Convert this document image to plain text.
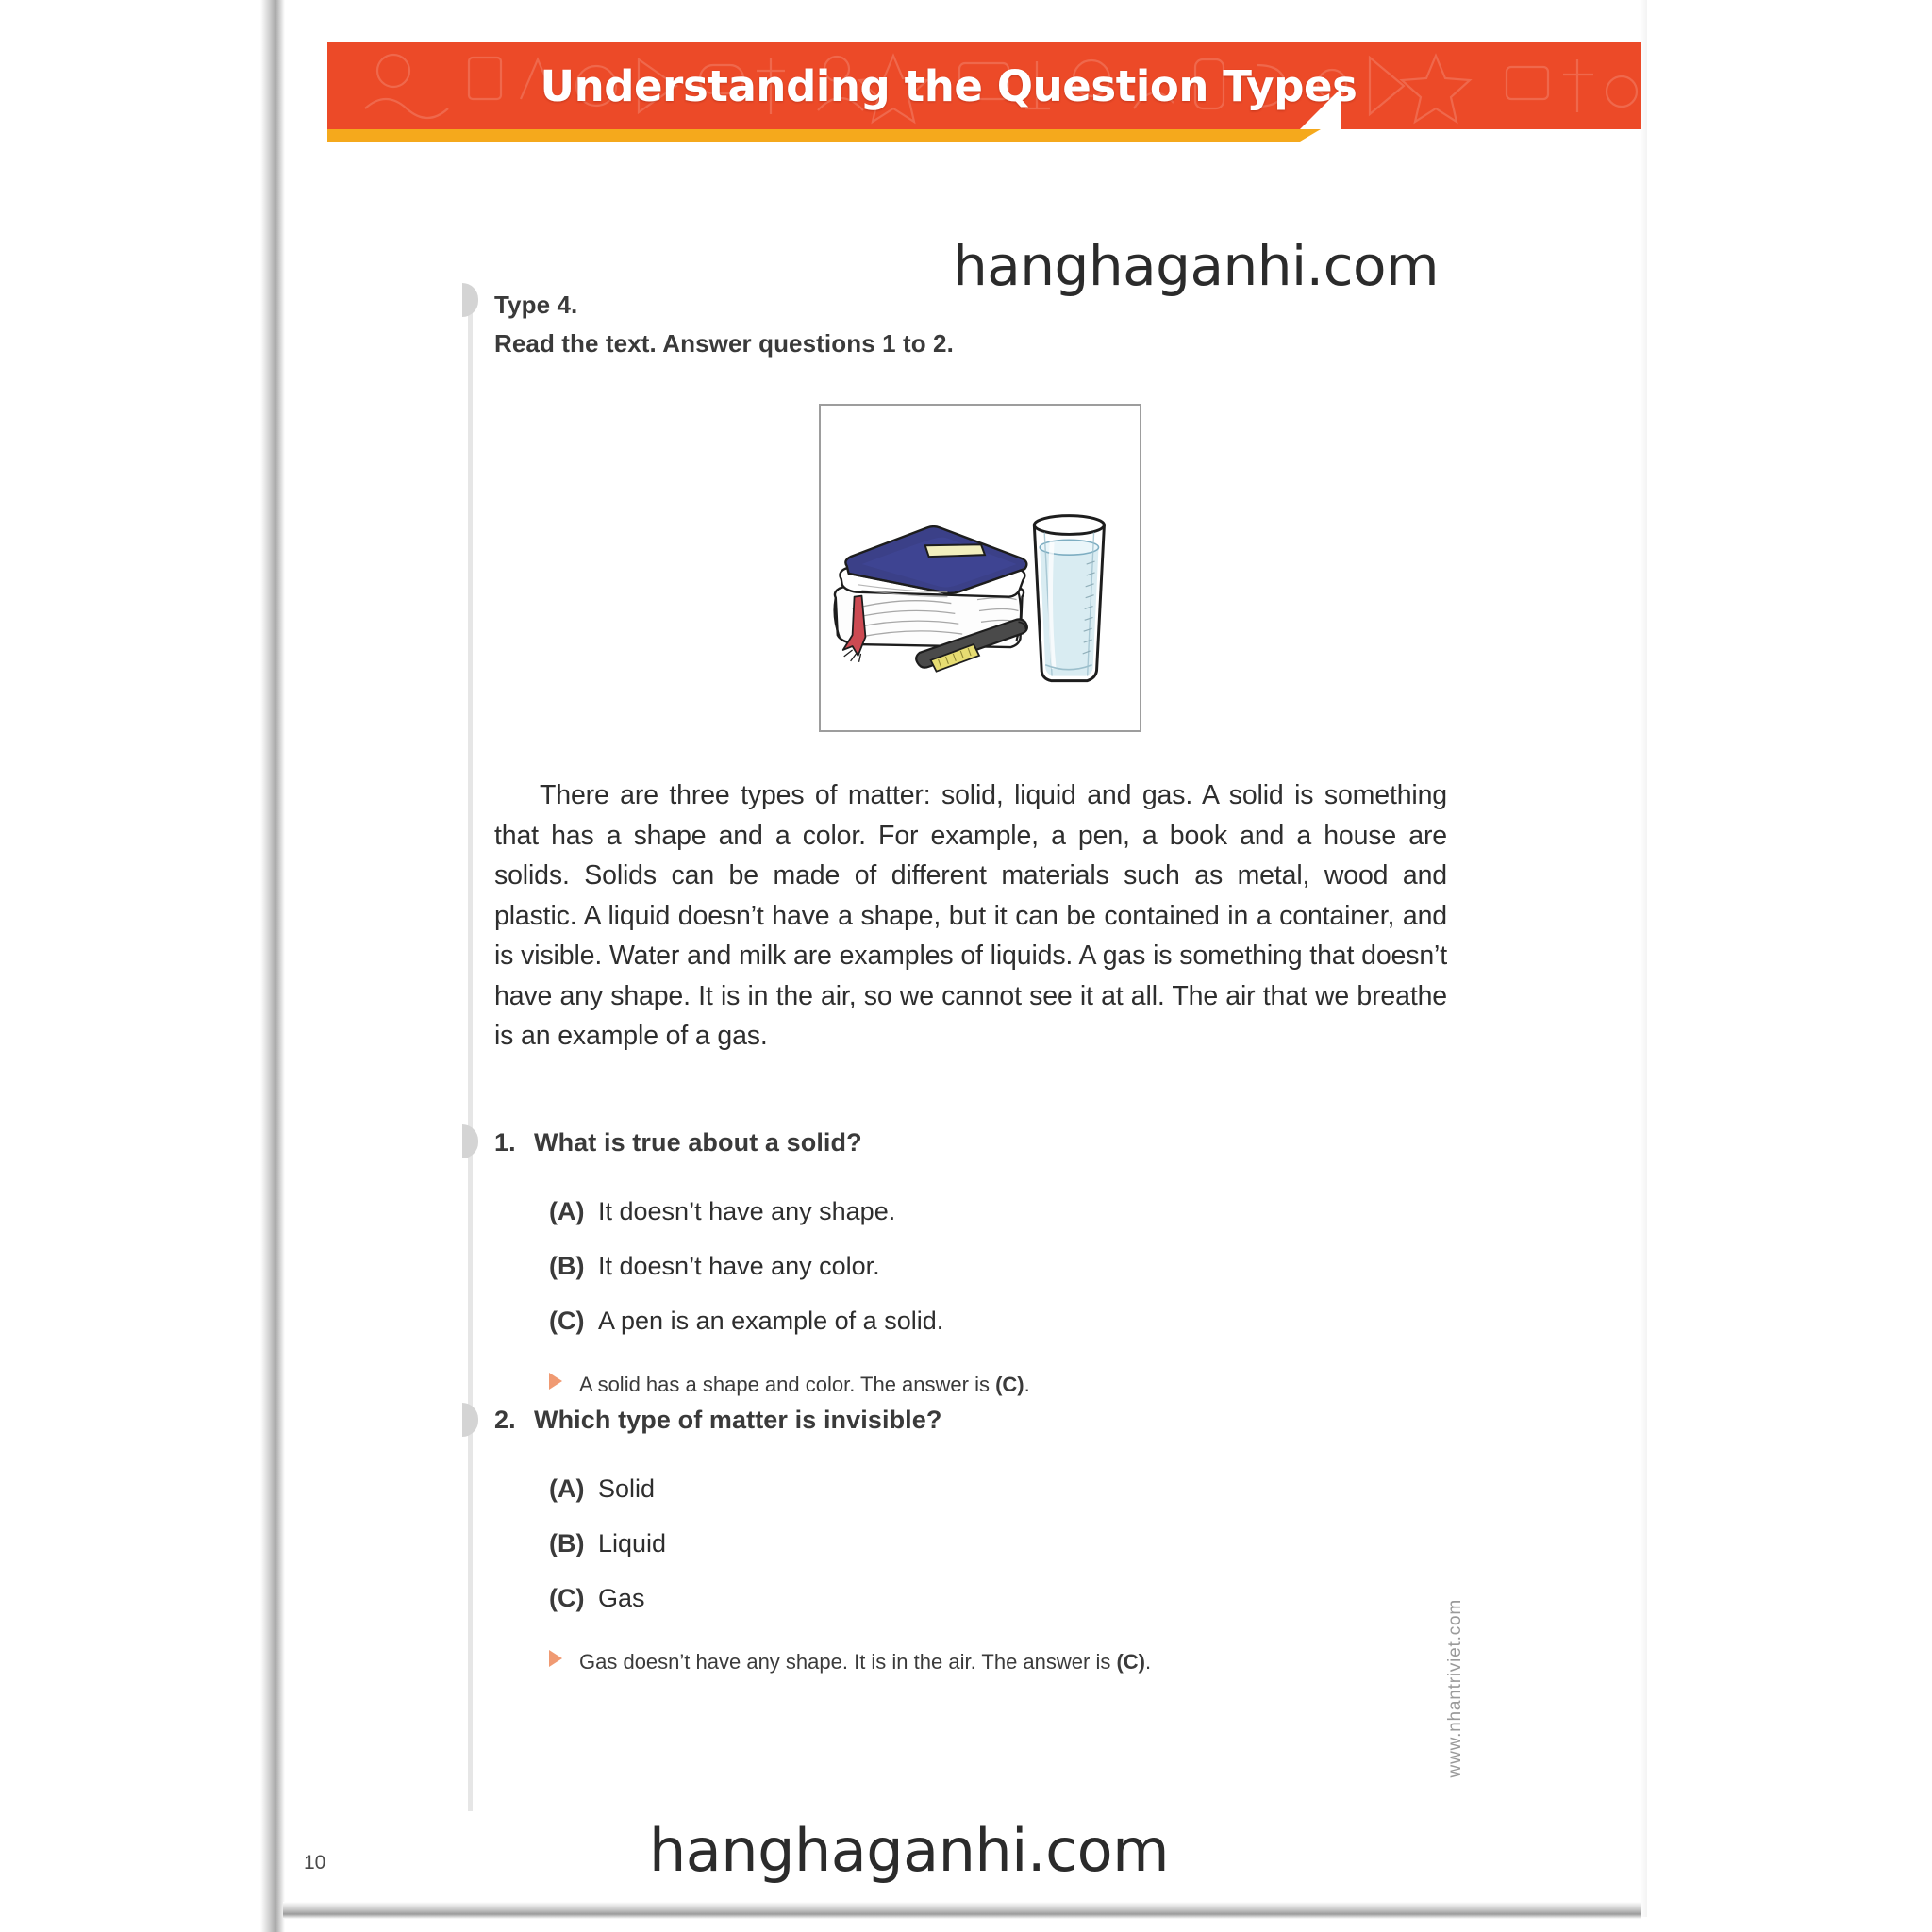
Understanding the Question Types
Type 4.
Read the text. Answer questions 1 to 2.

There are three types of matter: solid, liquid and gas. A solid is something that has a shape and a color. For example, a pen, a book and a house are solids. Solids can be made of different materials such as metal, wood and plastic. A liquid doesn’t have a shape, but it can be contained in a container, and is visible. Water and milk are examples of liquids. A gas is something that doesn’t have any shape. It is in the air, so we cannot see it at all. The air that we breathe is an example of a gas.

1. What is true about a solid?
(A) It doesn’t have any shape.
(B) It doesn’t have any color.
(C) A pen is an example of a solid.
A solid has a shape and color. The answer is (C).
2. Which type of matter is invisible?
(A) Solid
(B) Liquid
(C) Gas
Gas doesn’t have any shape. It is in the air. The answer is (C).
10
www.nhantriviet.com
hanghaganhi.com
hanghaganhi.com
